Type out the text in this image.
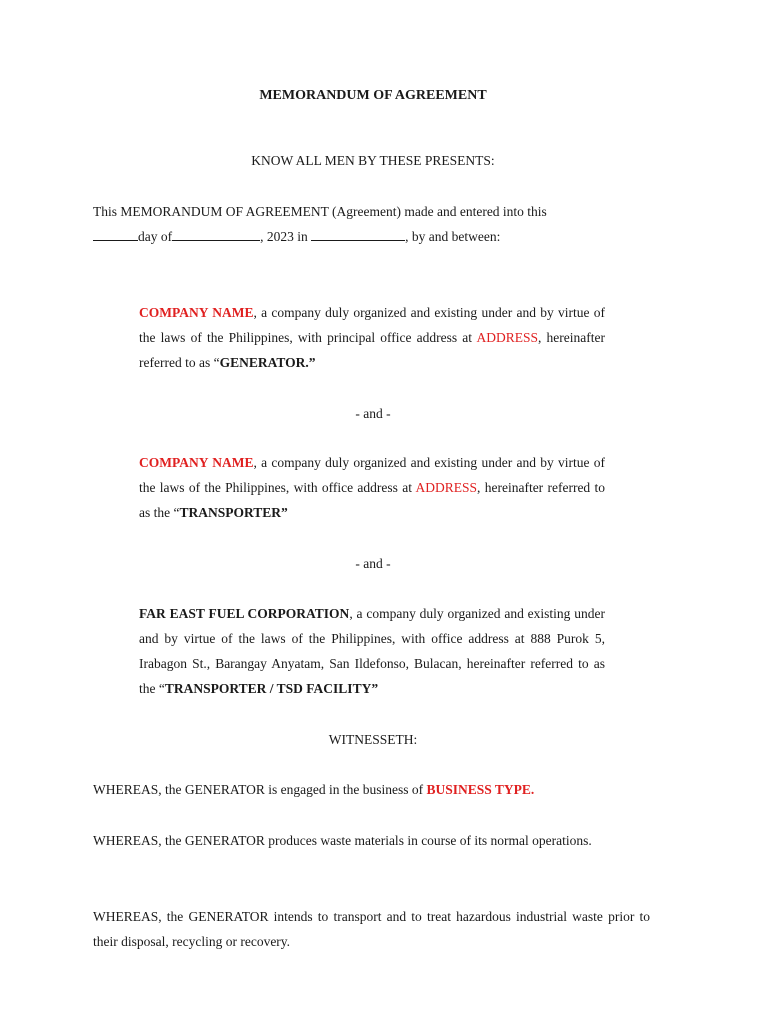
MEMORANDUM OF AGREEMENT
KNOW ALL MEN BY THESE PRESENTS:
This MEMORANDUM OF AGREEMENT (Agreement) made and entered into this
day of	, 2023 in	, by and between:
COMPANY NAME, a company duly organized and existing under and by virtue of the laws of the Philippines, with principal office address at ADDRESS, hereinafter referred to as “GENERATOR.”
- and -
COMPANY NAME, a company duly organized and existing under and by virtue of the laws of the Philippines, with office address at ADDRESS, hereinafter referred to as the “TRANSPORTER”
- and -
FAR EAST FUEL CORPORATION, a company duly organized and existing under and by virtue of the laws of the Philippines, with office address at 888 Purok 5, Irabagon St., Barangay Anyatam, San Ildefonso, Bulacan, hereinafter referred to as the “TRANSPORTER / TSD FACILITY”
WITNESSETH:
WHEREAS, the GENERATOR is engaged in the business of BUSINESS TYPE.
WHEREAS, the GENERATOR produces waste materials in course of its normal operations.
WHEREAS, the GENERATOR intends to transport and to treat hazardous industrial waste prior to their disposal, recycling or recovery.
